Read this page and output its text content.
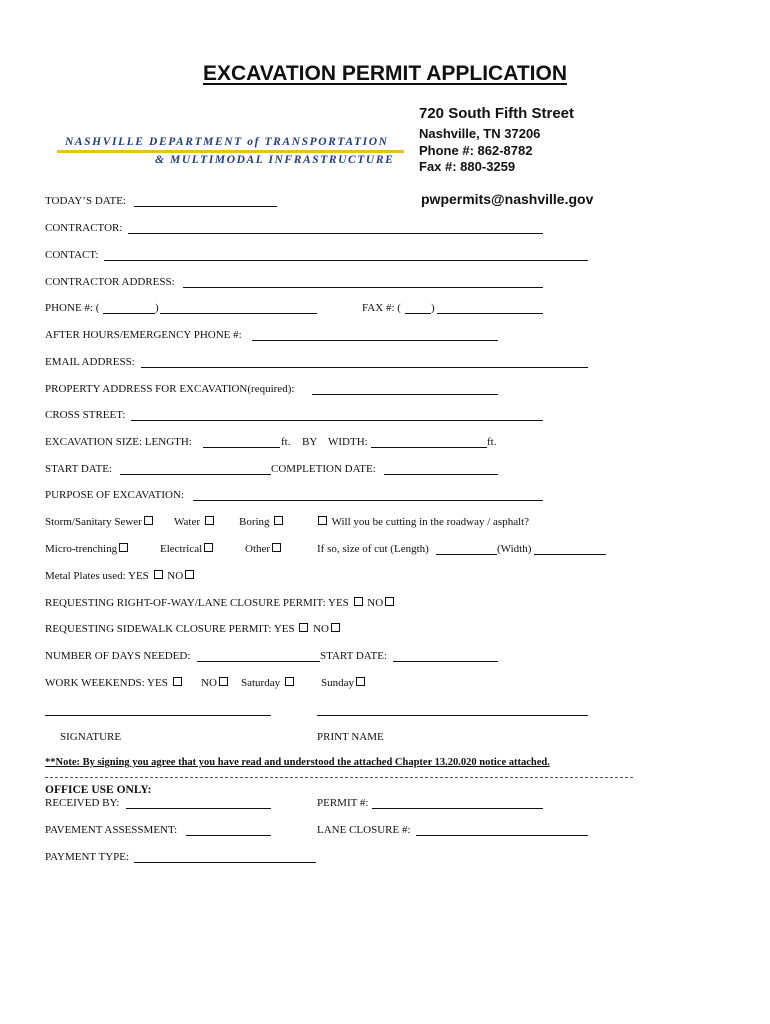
EXCAVATION PERMIT APPLICATION
NASHVILLE DEPARTMENT of TRANSPORTATION
& MULTIMODAL INFRASTRUCTURE
720 South Fifth Street
Nashville, TN 37206
Phone #: 862-8782
Fax #: 880-3259
pwpermits@nashville.gov
TODAY’S DATE:
CONTRACTOR:
CONTACT:
CONTRACTOR ADDRESS:
PHONE #: (	)	FAX #: (	)
AFTER HOURS/EMERGENCY PHONE #:
EMAIL ADDRESS:
PROPERTY ADDRESS FOR EXCAVATION(required):
CROSS STREET:
EXCAVATION SIZE: LENGTH:	ft. BY WIDTH:	ft.
START DATE:	COMPLETION DATE:
PURPOSE OF EXCAVATION:
Storm/Sanitary Sewer	Water	Boring	Will you be cutting in the roadway / asphalt?
Micro-trenching	Electrical	Other	If so, size of cut (Length)	(Width)
Metal Plates used: YES NO
REQUESTING RIGHT-OF-WAY/LANE CLOSURE PERMIT: YES NO
REQUESTING SIDEWALK CLOSURE PERMIT: YES NO
NUMBER OF DAYS NEEDED:	START DATE:
WORK WEEKENDS: YES	NO	Saturday	Sunday
SIGNATURE	PRINT NAME
**Note: By signing you agree that you have read and understood the attached Chapter 13.20.020 notice attached.
OFFICE USE ONLY:
RECEIVED BY:	PERMIT #:
PAVEMENT ASSESSMENT:	LANE CLOSURE #:
PAYMENT TYPE:
